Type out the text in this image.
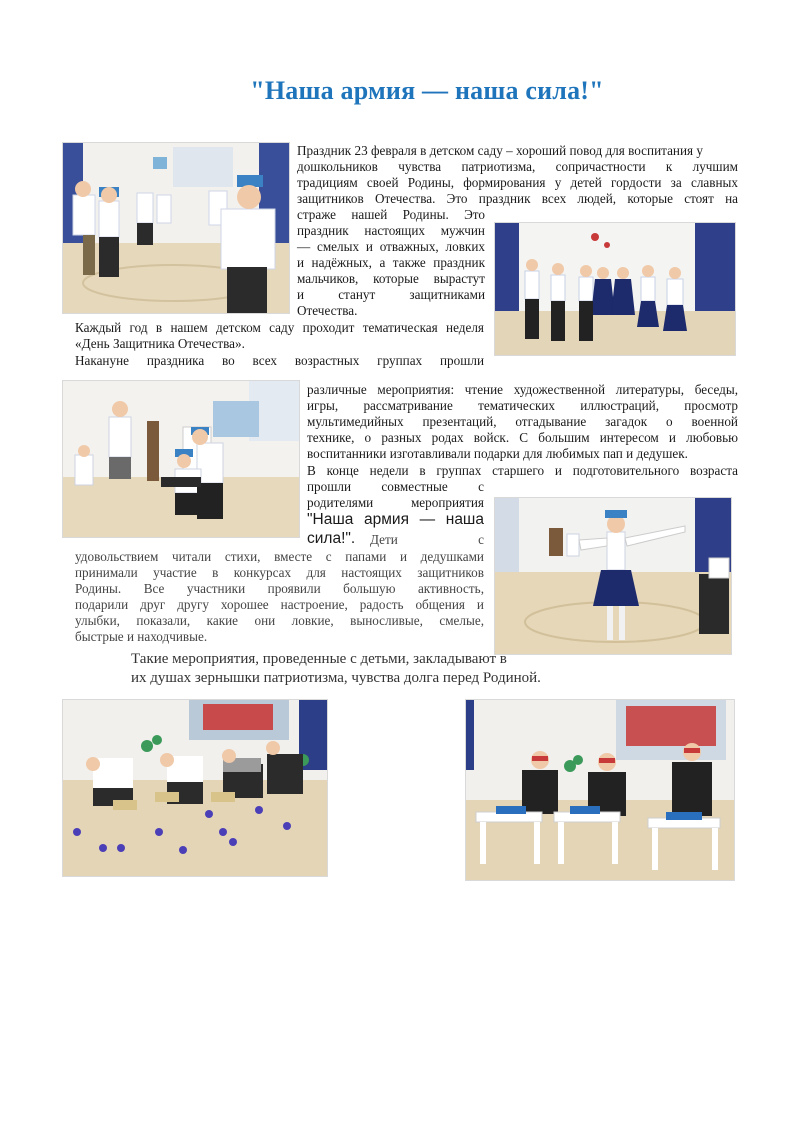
"Наша армия — наша сила!"
Праздник 23 февраля в детском саду – хороший повод для воспитания у
дошкольников чувства патриотизма, сопричастности к лучшим
традициям своей Родины, формирования у детей гордости за славных
защитников Отечества. Это праздник всех людей, которые стоят на
страже нашей Родины. Это
праздник настоящих мужчин
— смелых и отважных, ловких
и надёжных, а также праздник
мальчиков, которые вырастут
и станут защитниками
Отечества.
Каждый год в нашем детском саду проходит тематическая неделя
«День Защитника Отечества».
Накануне праздника во всех возрастных группах прошли
различные мероприятия: чтение художественной литературы, беседы,
игры, рассматривание тематических иллюстраций, просмотр
мультимедийных презентаций, отгадывание загадок о военной
технике, о разных родах войск. С большим интересом и любовью
воспитанники изготавливали подарки для любимых пап и дедушек.
В конце недели в группах старшего и подготовительного возраста
прошли совместные с
родителями мероприятия
"Наша армия — наша
сила!".	Дети с
удовольствием читали стихи, вместе с папами и дедушками
принимали участие в конкурсах для настоящих защитников
Родины. Все участники проявили большую активность,
подарили друг другу хорошее настроение, радость общения и
улыбки, показали, какие они ловкие, выносливые, смелые,
быстрые и находчивые.
Такие мероприятия, проведенные с детьми, закладывают в
их душах зернышки патриотизма, чувства долга перед Родиной.
